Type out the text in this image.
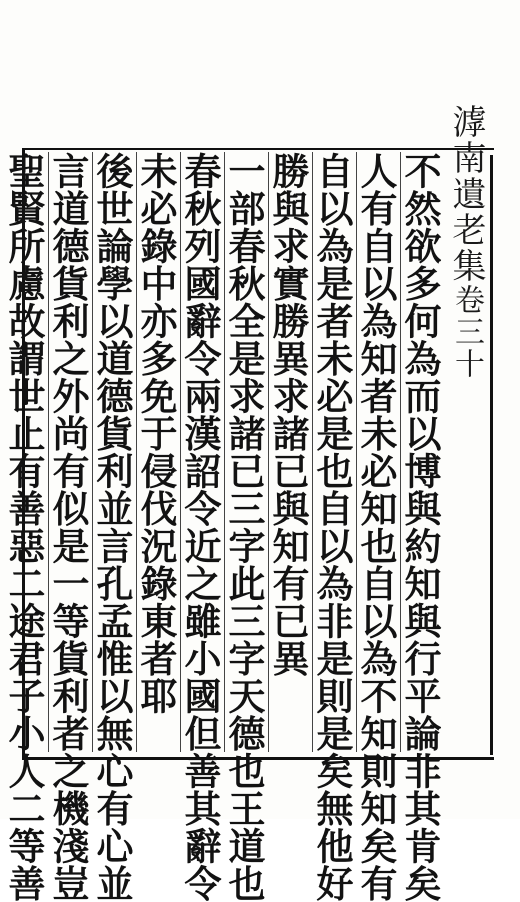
滹南遺老集卷三十
不然欲多何為而以博與約知與行平論非其肯矣
人有自以為知者未必知也自以為不知則知矣有
自以為是者未必是也自以為非是則是矣無他好
勝與求實勝異求諸已與知有已異
一部春秋全是求諸已三字此三字天德也王道也
春秋列國辭令兩漢詔令近之雖小國但善其辭令
未必錄中亦多免于侵伐況錄東者耶
後世論學以道德貨利並言孔孟惟以無心有心並
言道德貨利之外尚有似是一等貨利者之機淺豈
聖賢所慮故謂世止有善惡二途君子小人二等善
